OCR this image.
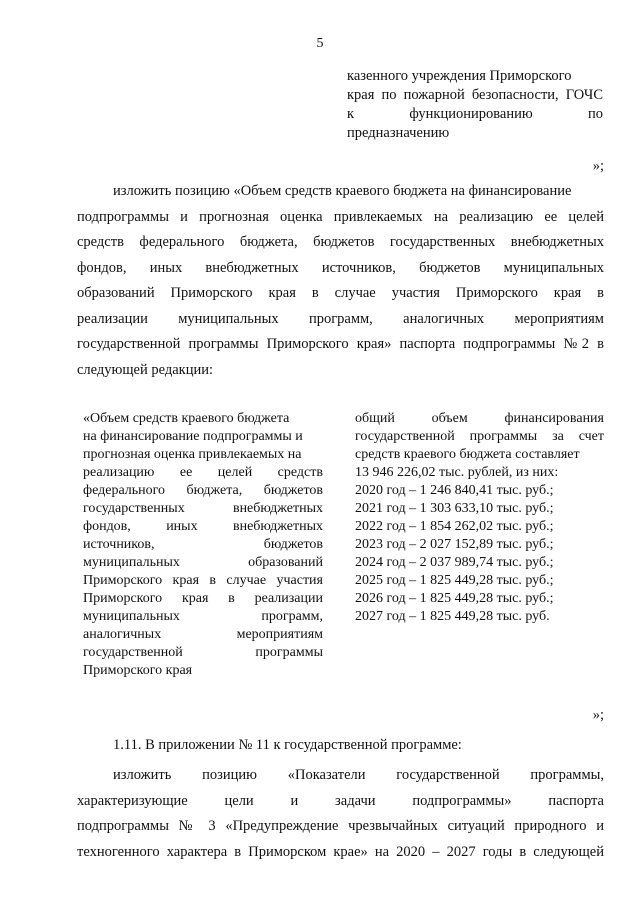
5
казенного учреждения Приморского
края по пожарной безопасности, ГОЧС
к функционированию по
предназначению
»;
изложить позицию «Объем средств краевого бюджета на финансирование
подпрограммы и прогнозная оценка привлекаемых на реализацию ее целей
средств федерального бюджета, бюджетов государственных внебюджетных
фондов, иных внебюджетных источников, бюджетов муниципальных
образований Приморского края в случае участия Приморского края в
реализации муниципальных программ, аналогичных мероприятиям
государственной программы Приморского края» паспорта подпрограммы №2 в
следующей редакции:
«Объем средств краевого бюджета
на финансирование подпрограммы и
прогнозная оценка привлекаемых на
реализацию ее целей средств
федерального бюджета, бюджетов
государственных внебюджетных
фондов, иных внебюджетных
источников, бюджетов
муниципальных образований
Приморского края в случае участия
Приморского края в реализации
муниципальных программ,
аналогичных мероприятиям
государственной программы
Приморского края
общий объем финансирования
государственной программы за счет
средств краевого бюджета составляет
13 946 226,02 тыс. рублей, из них:
2020 год – 1 246 840,41 тыс. руб.;
2021 год – 1 303 633,10 тыс. руб.;
2022 год – 1 854 262,02 тыс. руб.;
2023 год – 2 027 152,89 тыс. руб.;
2024 год – 2 037 989,74 тыс. руб.;
2025 год – 1 825 449,28 тыс. руб.;
2026 год – 1 825 449,28 тыс. руб.;
2027 год – 1 825 449,28 тыс. руб.
»;
1.11. В приложении № 11 к государственной программе:
изложить позицию «Показатели государственной программы,
характеризующие цели и задачи подпрограммы» паспорта
подпрограммы № 3 «Предупреждение чрезвычайных ситуаций природного и
техногенного характера в Приморском крае» на 2020 – 2027 годы в следующей
